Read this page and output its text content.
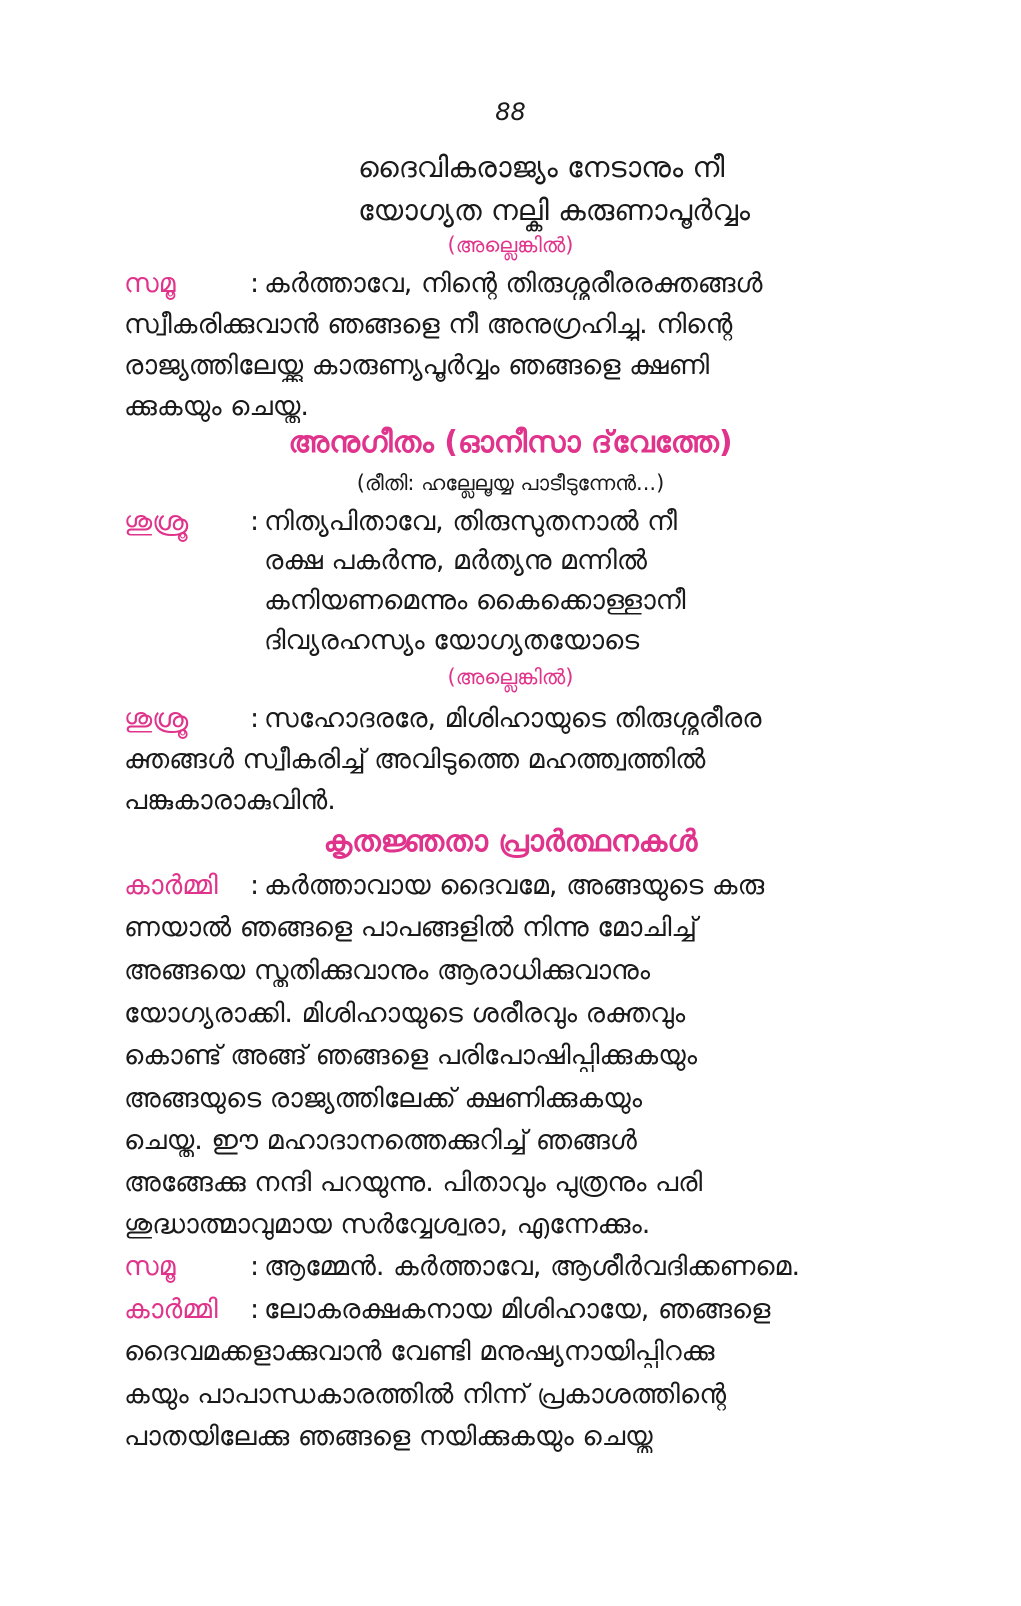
88
ദൈവികരാജ്യം നേടാനും നീ
യോഗ്യത നല്കി കരുണാപൂർവ്വം
(അല്ലെങ്കിൽ)
സമൂ	: കർത്താവേ, നിന്റെ തിരുശ്ശരീരരക്തങ്ങൾ
സ്വീകരിക്കുവാൻ ഞങ്ങളെ നീ അനുഗ്രഹിച്ചു. നിന്റെ
രാജ്യത്തിലേയ്ക്കു കാരുണ്യപൂർവ്വം ഞങ്ങളെ ക്ഷണി
ക്കുകയും ചെയ്തു.
അനുഗീതം (ഓനീസാ ദ്‌വേത്തേ)
(രീതി: ഹല്ലേലൂയ്യ പാടീടുന്നേൻ...)
ശുശ്രൂ : നിത്യപിതാവേ, തിരുസുതനാൽ നീ
രക്ഷ പകർന്നു, മർത്യനു മന്നിൽ
കനിയണമെന്നും കൈക്കൊള്ളാനീ
ദിവ്യരഹസ്യം യോഗ്യതയോടെ
(അല്ലെങ്കിൽ)
ശുശ്രൂ : സഹോദരരേ, മിശിഹായുടെ തിരുശ്ശരീരര
ക്തങ്ങൾ സ്വീകരിച്ച് അവിടുത്തെ മഹത്ത്വത്തിൽ
പങ്കുകാരാകുവിൻ.
കൃതജ്ഞതാ പ്രാർത്ഥനകൾ
കാർമ്മി : കർത്താവായ ദൈവമേ, അങ്ങയുടെ കരു
ണയാൽ ഞങ്ങളെ പാപങ്ങളിൽ നിന്നു മോചിച്ച്
അങ്ങയെ സ്തുതിക്കുവാനും ആരാധിക്കുവാനും
യോഗ്യരാക്കി. മിശിഹായുടെ ശരീരവും രക്തവും
കൊണ്ട് അങ്ങ് ഞങ്ങളെ പരിപോഷിപ്പിക്കുകയും
അങ്ങയുടെ രാജ്യത്തിലേക്ക് ക്ഷണിക്കുകയും
ചെയ്തു. ഈ മഹാദാനത്തെക്കുറിച്ച് ഞങ്ങൾ
അങ്ങേക്കു നന്ദി പറയുന്നു. പിതാവും പുത്രനും പരി
ശുദ്ധാത്മാവുമായ സർവ്വേശ്വരാ, എന്നേക്കും.
സമൂ	: ആമ്മേൻ. കർത്താവേ, ആശീർവദിക്കണമെ.
കാർമ്മി : ലോകരക്ഷകനായ മിശിഹായേ, ഞങ്ങളെ
ദൈവമക്കളാക്കുവാൻ വേണ്ടി മനുഷ്യനായിപ്പിറക്കു
കയും പാപാന്ധകാരത്തിൽ നിന്ന് പ്രകാശത്തിന്റെ
പാതയിലേക്കു ഞങ്ങളെ നയിക്കുകയും ചെയ്ത
